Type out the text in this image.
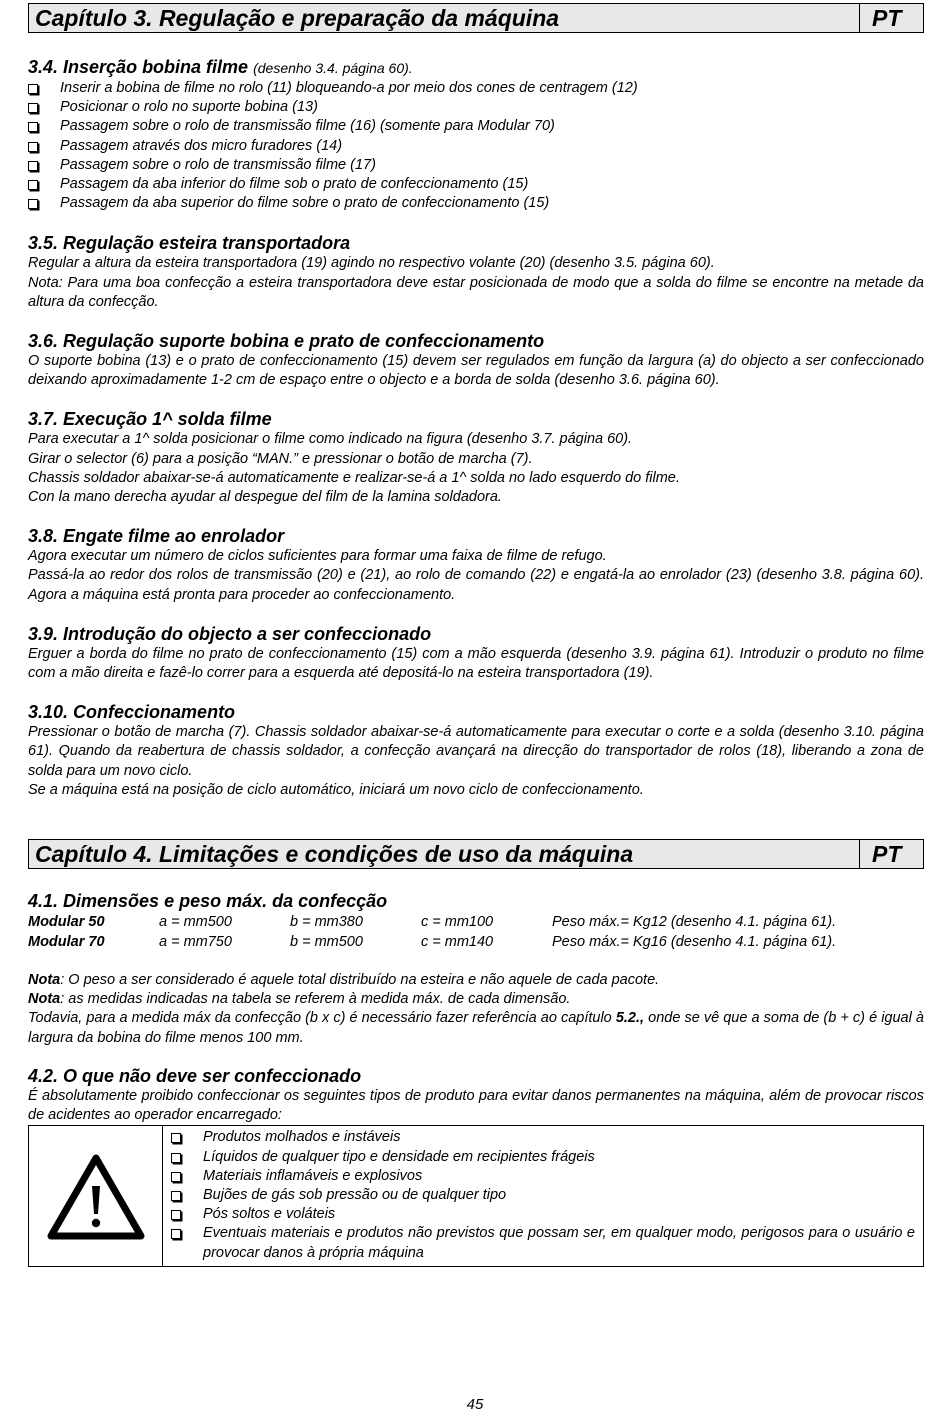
Capítulo 3. Regulação e preparação da máquina	PT
3.4. Inserção bobina filme (desenho 3.4. página 60).
Inserir a bobina de filme no rolo (11) bloqueando-a por meio dos cones de centragem (12)
Posicionar o rolo no suporte bobina (13)
Passagem sobre o rolo de transmissão filme (16) (somente para Modular 70)
Passagem através dos micro furadores (14)
Passagem sobre o rolo de transmissão filme (17)
Passagem da aba inferior do filme sob o prato de confeccionamento (15)
Passagem da aba superior do filme sobre o prato de confeccionamento (15)
3.5. Regulação esteira transportadora
Regular a altura da esteira transportadora (19) agindo no respectivo volante (20) (desenho 3.5. página 60).
Nota: Para uma boa confecção a esteira transportadora deve estar posicionada de modo que a solda do filme se encontre na metade da altura da confecção.
3.6. Regulação suporte bobina e prato de confeccionamento
O suporte bobina (13) e o prato de confeccionamento (15) devem ser regulados em função da largura (a) do objecto a ser confeccionado deixando aproximadamente 1-2 cm de espaço entre o objecto e a borda de solda (desenho 3.6. página 60).
3.7. Execução 1^ solda filme
Para executar a 1^ solda posicionar o filme como indicado na figura (desenho 3.7. página 60).
Girar o selector (6) para a posição “MAN.” e pressionar o botão de marcha (7).
Chassis soldador abaixar-se-á automaticamente e realizar-se-á a 1^ solda no lado esquerdo do filme.
Con la mano derecha ayudar al despegue del film de la lamina soldadora.
3.8. Engate filme ao enrolador
Agora executar um número de ciclos suficientes para formar uma faixa de filme de refugo.
Passá-la ao redor dos rolos de transmissão (20) e (21), ao rolo de comando (22) e engatá-la ao enrolador (23) (desenho 3.8. página 60). Agora a máquina está pronta para proceder ao confeccionamento.
3.9. Introdução do objecto a ser confeccionado
Erguer a borda do filme no prato de confeccionamento (15) com a mão esquerda (desenho 3.9. página 61). Introduzir o produto no filme com a mão direita e fazê-lo correr para a esquerda até depositá-lo na esteira transportadora (19).
3.10. Confeccionamento
Pressionar o botão de marcha (7). Chassis soldador abaixar-se-á automaticamente para executar o corte e a solda (desenho 3.10. página 61). Quando da reabertura de chassis soldador, a confecção avançará na direcção do transportador de rolos (18), liberando a zona de solda para um novo ciclo.
Se a máquina está na posição de ciclo automático, iniciará um novo ciclo de confeccionamento.
Capítulo 4. Limitações e condições de uso da máquina	PT
4.1. Dimensões e peso máx. da confecção
Modular 50	a = mm500	b = mm380	c = mm100	Peso máx.= Kg12 (desenho 4.1. página 61).
Modular 70	a = mm750	b = mm500	c = mm140	Peso máx.= Kg16 (desenho 4.1. página 61).
Nota: O peso a ser considerado é aquele total distribuído na esteira e não aquele de cada pacote.
Nota: as medidas indicadas na tabela se referem à medida máx. de cada dimensão.
Todavia, para a medida máx da confecção (b x c) é necessário fazer referência ao capítulo 5.2., onde se vê que a soma de (b + c) é igual à largura da bobina do filme menos 100 mm.
4.2. O que não deve ser confeccionado
É absolutamente proibido confeccionar os seguintes tipos de produto para evitar danos permanentes na máquina, além de provocar riscos de acidentes ao operador encarregado:
Produtos molhados e instáveis
Líquidos de qualquer tipo e densidade em recipientes frágeis
Materiais inflamáveis e explosivos
Bujões de gás sob pressão ou de qualquer tipo
Pós soltos e voláteis
Eventuais materiais e produtos não previstos que possam ser, em qualquer modo, perigosos para o usuário e provocar danos à própria máquina
45
